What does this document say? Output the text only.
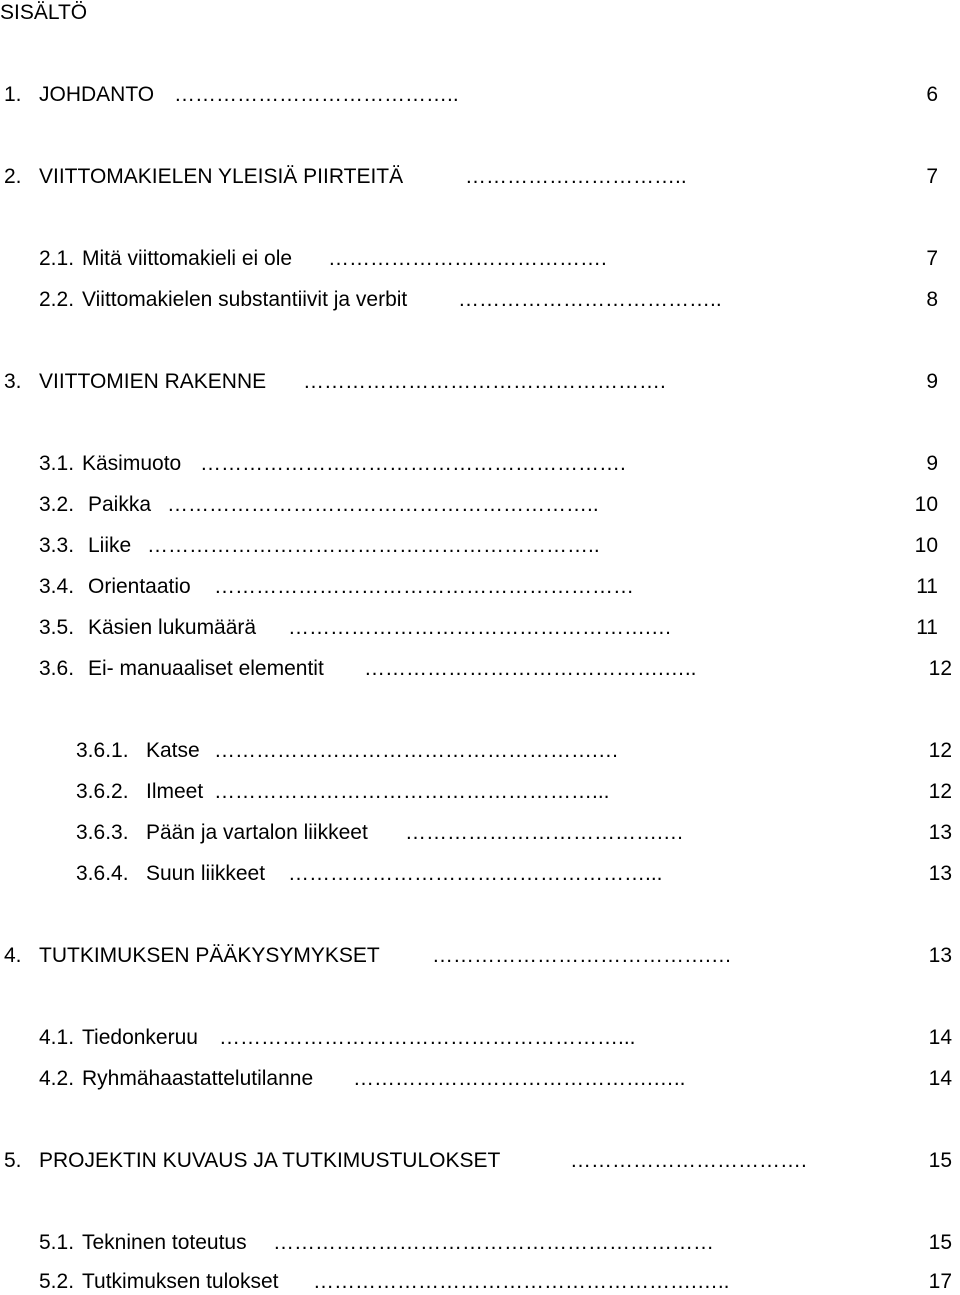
SISÄLTÖ
1. JOHDANTO …………………………………..	6
2. VIITTOMAKIELEN YLEISIÄ PIIRTEITÄ	…………………………..	7
2.1. Mitä viittomakieli ei ole ………………………………….	7
2.2. Viittomakielen substantiivit ja verbit ………………………………..	8
3. VIITTOMIEN RAKENNE …………………………………………….	9
3.1. Käsimuoto …………………………………………………….	9
3.2. Paikka ……………………………………………………..	10
3.3. Liike ………………………………………………………..	10
3.4. Orientaatio ……………………………………………………	11
3.5. Käsien lukumäärä …………………………………………….…	11
3.6. Ei- manuaaliset elementit …………………………………….…..	12
3.6.1. Katse ……………………………………………….…	12
3.6.2. Ilmeet ………………………………………………...	12
3.6.3. Pään ja vartalon liikkeet ……………………………….…	13
3.6.4. Suun liikkeet ……………………………………………...	13
4. TUTKIMUKSEN PÄÄKYSYMYKSET ………………………………….…	13
4.1. Tiedonkeruu …………………………………………………...	14
4.2. Ryhmähaastattelutilanne …………………………………….…..	14
5. PROJEKTIN KUVAUS JA TUTKIMUSTULOKSET	…………………………….	15
5.1. Tekninen toteutus ………………………………………………………	15
5.2. Tutkimuksen tulokset ……………………………………………….…..	17
